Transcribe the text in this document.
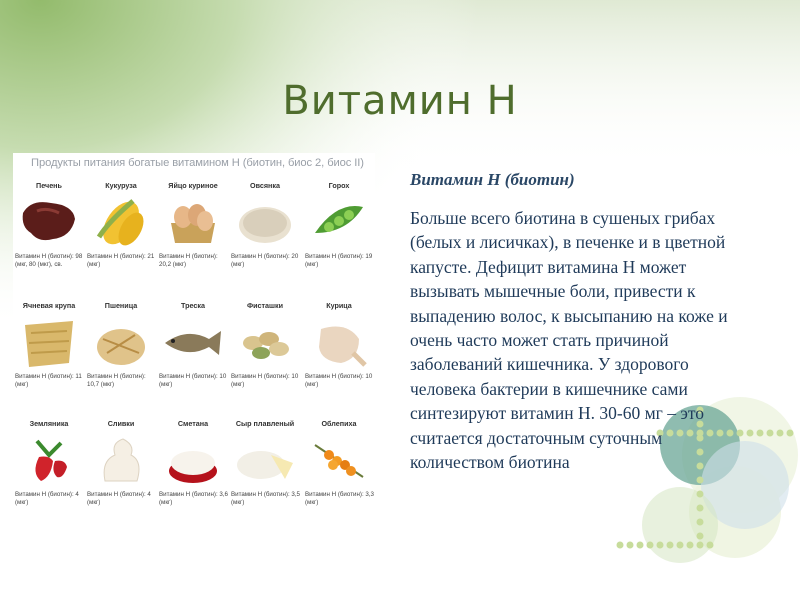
Витамин Н
Продукты питания богатые витамином Н (биотин, биос 2, биос II)
Печень
Витамин Н (биотин): 98 (мкг, 80 (мкг), св.
Кукуруза
Витамин Н (биотин): 21 (мкг)
Яйцо куриное
Витамин Н (биотин): 20,2 (мкг)
Овсянка
Витамин Н (биотин): 20 (мкг)
Горох
Витамин Н (биотин): 19 (мкг)
Ячневая крупа
Витамин Н (биотин): 11 (мкг)
Пшеница
Витамин Н (биотин): 10,7 (мкг)
Треска
Витамин Н (биотин): 10 (мкг)
Фисташки
Витамин Н (биотин): 10 (мкг)
Курица
Витамин Н (биотин): 10 (мкг)
Земляника
Витамин Н (биотин): 4 (мкг)
Сливки
Витамин Н (биотин): 4 (мкг)
Сметана
Витамин Н (биотин): 3,6 (мкг)
Сыр плавленый
Витамин Н (биотин): 3,5 (мкг)
Облепиха
Витамин Н (биотин): 3,3 (мкг)
Витамин Н (биотин)
Больше всего биотина в сушеных грибах (белых и лисичках), в печенке и в цветной капусте. Дефицит витамина Н может вызывать мышечные боли, привести к выпадению волос, к высыпанию на коже и очень часто может стать причиной заболеваний кишечника. У здорового человека бактерии в кишечнике сами синтезируют витамин Н. 30-60 мг – это считается достаточным суточным количеством биотина
